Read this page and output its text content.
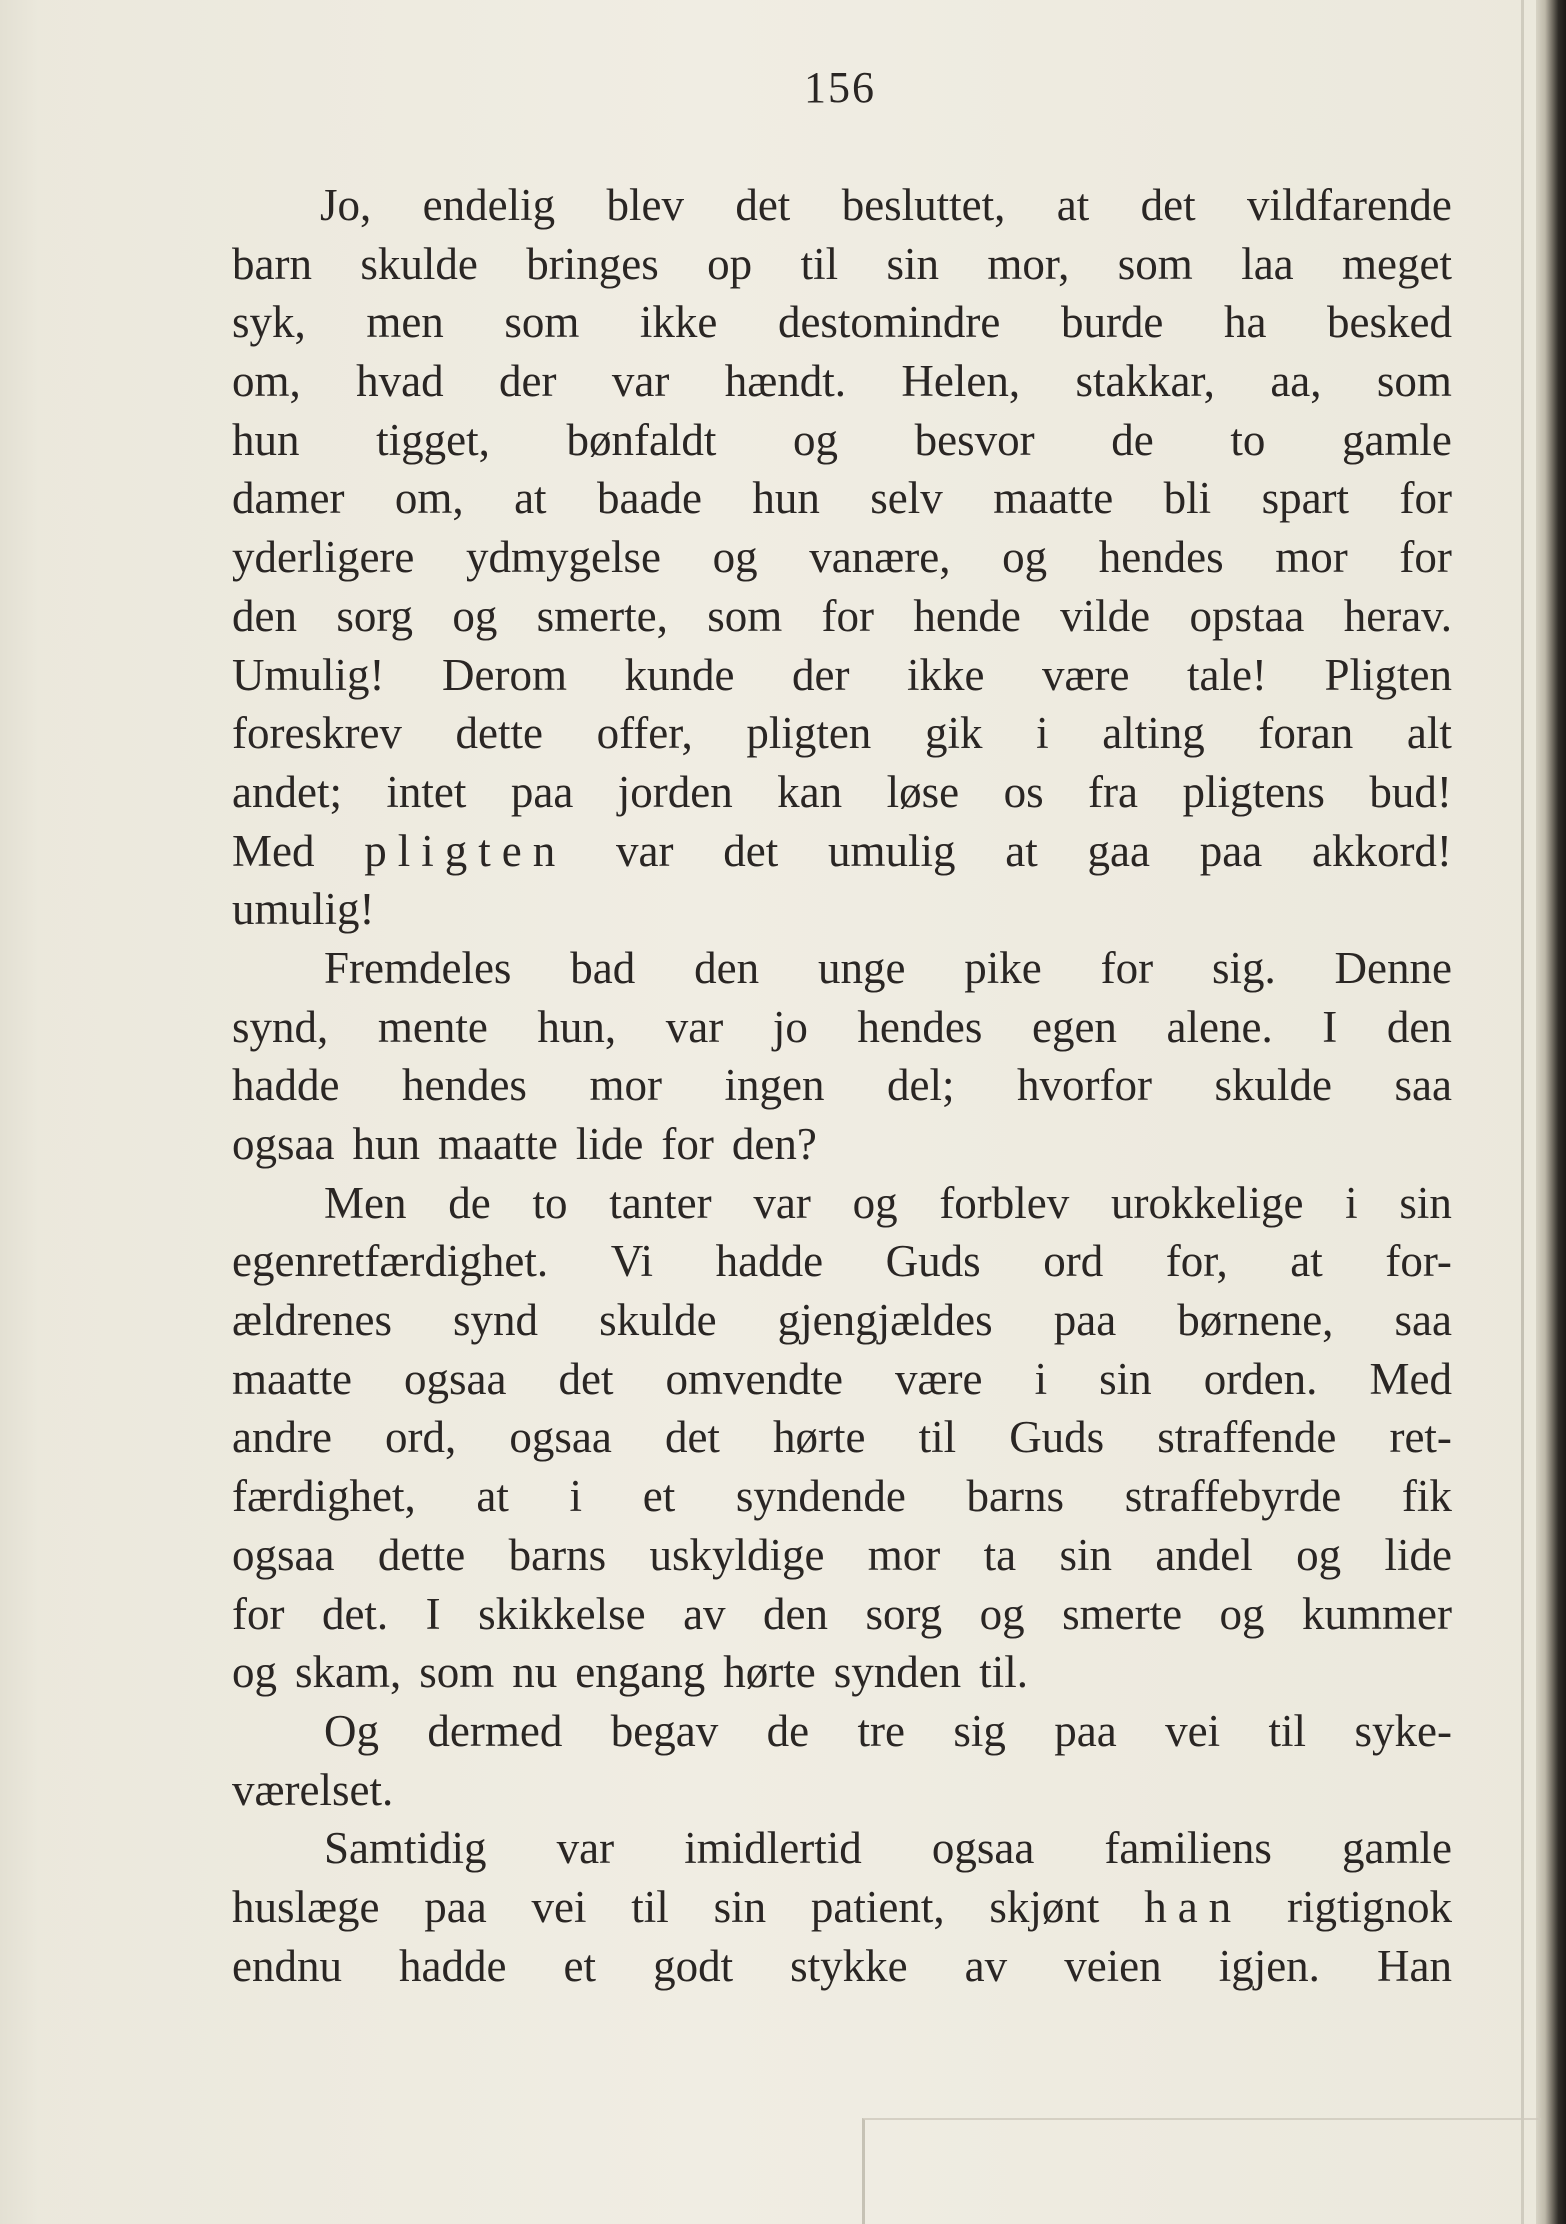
156
Jo, endelig blev det besluttet, at det vildfarende
barn skulde bringes op til sin mor, som laa meget
syk, men som ikke destomindre burde ha besked
om, hvad der var hændt. Helen, stakkar, aa, som
hun tigget, bønfaldt og besvor de to gamle
damer om, at baade hun selv maatte bli spart for
yderligere ydmygelse og vanære, og hendes mor for
den sorg og smerte, som for hende vilde opstaa herav.
Umulig! Derom kunde der ikke være tale! Pligten
foreskrev dette offer, pligten gik i alting foran alt
andet; intet paa jorden kan løse os fra pligtens bud!
Med pligten var det umulig at gaa paa akkord!
umulig!
Fremdeles bad den unge pike for sig. Denne
synd, mente hun, var jo hendes egen alene. I den
hadde hendes mor ingen del; hvorfor skulde saa
ogsaa hun maatte lide for den?
Men de to tanter var og forblev urokkelige i sin
egenretfærdighet. Vi hadde Guds ord for, at for-
ældrenes synd skulde gjengjældes paa børnene, saa
maatte ogsaa det omvendte være i sin orden. Med
andre ord, ogsaa det hørte til Guds straffende ret-
færdighet, at i et syndende barns straffebyrde fik
ogsaa dette barns uskyldige mor ta sin andel og lide
for det. I skikkelse av den sorg og smerte og kummer
og skam, som nu engang hørte synden til.
Og dermed begav de tre sig paa vei til syke-
værelset.
Samtidig var imidlertid ogsaa familiens gamle
huslæge paa vei til sin patient, skjønt han rigtignok
endnu hadde et godt stykke av veien igjen. Han
